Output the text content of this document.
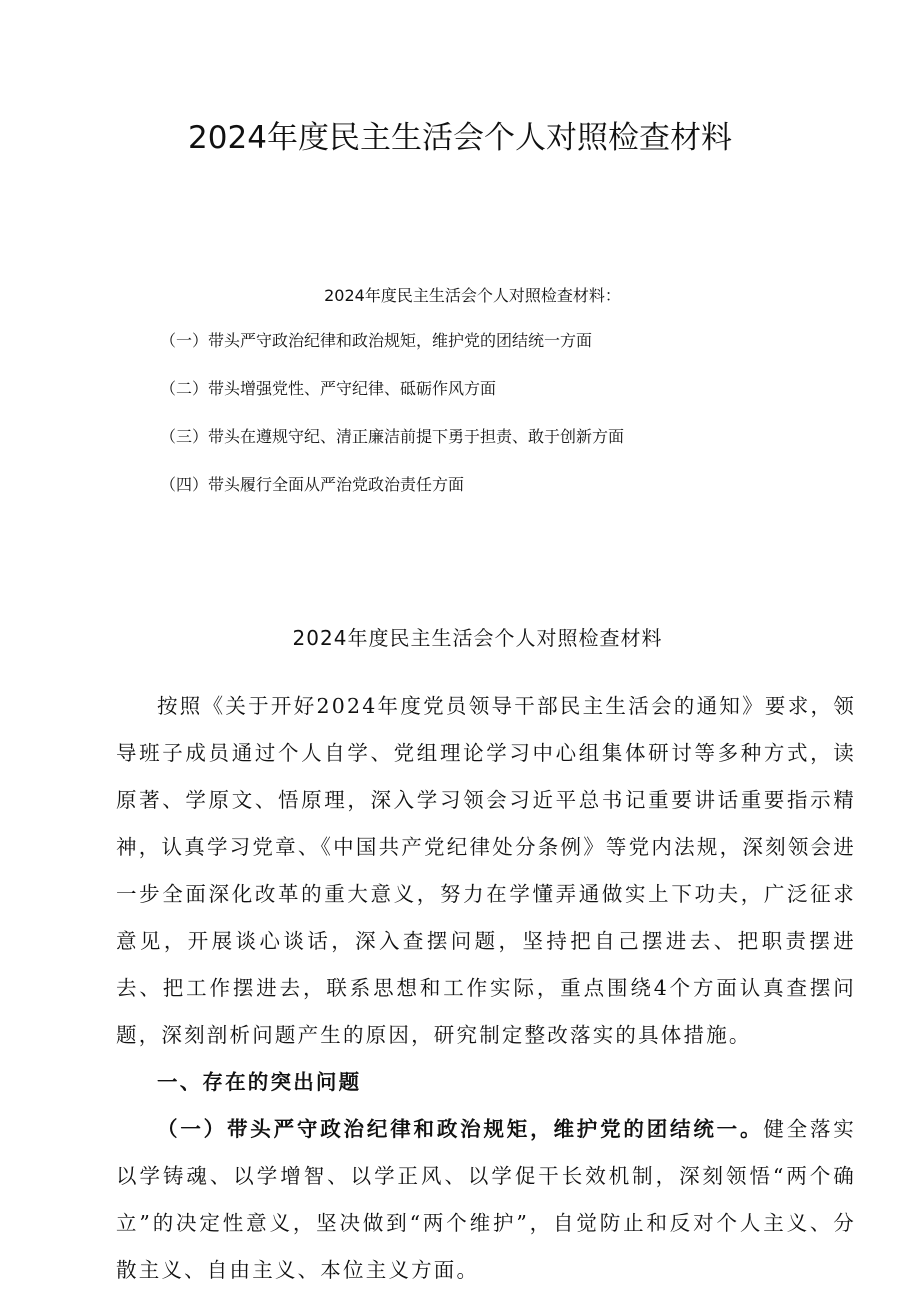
2024年度民主生活会个人对照检查材料
2024年度民主生活会个人对照检查材料：
（一）带头严守政治纪律和政治规矩，维护党的团结统一方面
（二）带头增强党性、严守纪律、砥砺作风方面
（三）带头在遵规守纪、清正廉洁前提下勇于担责、敢于创新方面
（四）带头履行全面从严治党政治责任方面
2024年度民主生活会个人对照检查材料

按照《关于开好2024年度党员领导干部民主生活会的通知》要求，领导班子成员通过个人自学、党组理论学习中心组集体研讨等多种方式，读原著、学原文、悟原理，深入学习领会习近平总书记重要讲话重要指示精神，认真学习党章、《中国共产党纪律处分条例》等党内法规，深刻领会进一步全面深化改革的重大意义，努力在学懂弄通做实上下功夫，广泛征求意见，开展谈心谈话，深入查摆问题，坚持把自己摆进去、把职责摆进去、把工作摆进去，联系思想和工作实际，重点围绕4个方面认真查摆问题，深刻剖析问题产生的原因，研究制定整改落实的具体措施。

一、存在的突出问题

（一）带头严守政治纪律和政治规矩，维护党的团结统一。健全落实以学铸魂、以学增智、以学正风、以学促干长效机制，深刻领悟“两个确立”的决定性意义，坚决做到“两个维护”，自觉防止和反对个人主义、分散主义、自由主义、本位主义方面。
